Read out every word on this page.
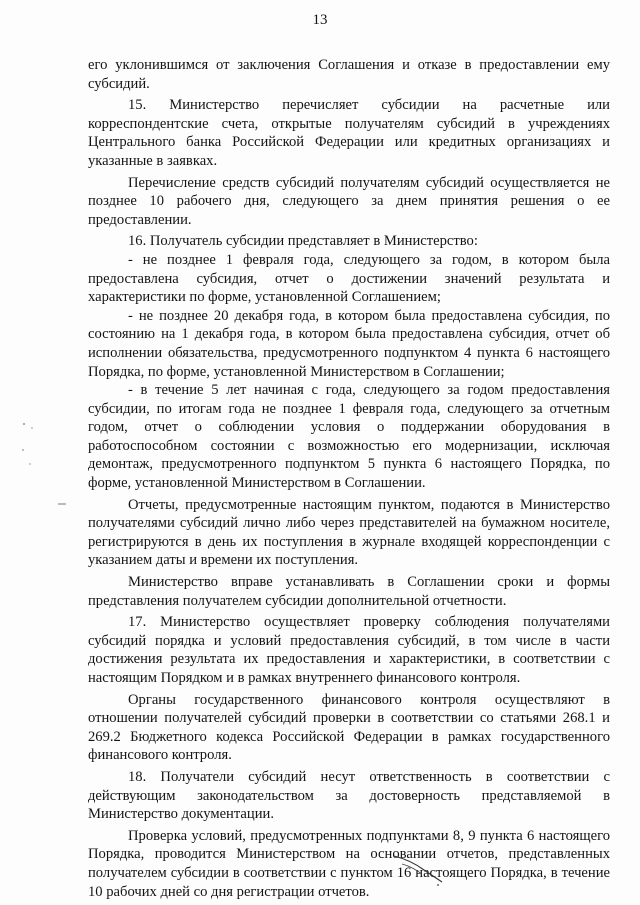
13

его уклонившимся от заключения Соглашения и отказе в предоставлении ему субсидий.

15. Министерство перечисляет субсидии на расчетные или корреспондентские счета, открытые получателям субсидий в учреждениях Центрального банка Российской Федерации или кредитных организациях и указанные в заявках.

Перечисление средств субсидий получателям субсидий осуществляется не позднее 10 рабочего дня, следующего за днем принятия решения о ее предоставлении.

16. Получатель субсидии представляет в Министерство:

- не позднее 1 февраля года, следующего за годом, в котором была предоставлена субсидия, отчет о достижении значений результата и характеристики по форме, установленной Соглашением;

- не позднее 20 декабря года, в котором была предоставлена субсидия, по состоянию на 1 декабря года, в котором была предоставлена субсидия, отчет об исполнении обязательства, предусмотренного подпунктом 4 пункта 6 настоящего Порядка, по форме, установленной Министерством в Соглашении;

- в течение 5 лет начиная с года, следующего за годом предоставления субсидии, по итогам года не позднее 1 февраля года, следующего за отчетным годом, отчет о соблюдении условия о поддержании оборудования в работоспособном состоянии с возможностью его модернизации, исключая демонтаж, предусмотренного подпунктом 5 пункта 6 настоящего Порядка, по форме, установленной Министерством в Соглашении.

Отчеты, предусмотренные настоящим пунктом, подаются в Министерство получателями субсидий лично либо через представителей на бумажном носителе, регистрируются в день их поступления в журнале входящей корреспонденции с указанием даты и времени их поступления.

Министерство вправе устанавливать в Соглашении сроки и формы представления получателем субсидии дополнительной отчетности.

17. Министерство осуществляет проверку соблюдения получателями субсидий порядка и условий предоставления субсидий, в том числе в части достижения результата их предоставления и характеристики, в соответствии с настоящим Порядком и в рамках внутреннего финансового контроля.

Органы государственного финансового контроля осуществляют в отношении получателей субсидий проверки в соответствии со статьями 268.1 и 269.2 Бюджетного кодекса Российской Федерации в рамках государственного финансового контроля.

18. Получатели субсидий несут ответственность в соответствии с действующим законодательством за достоверность представляемой в Министерство документации.

Проверка условий, предусмотренных подпунктами 8, 9 пункта 6 настоящего Порядка, проводится Министерством на основании отчетов, представленных получателем субсидии в соответствии с пунктом 16 настоящего Порядка, в течение 10 рабочих дней со дня регистрации отчетов.
